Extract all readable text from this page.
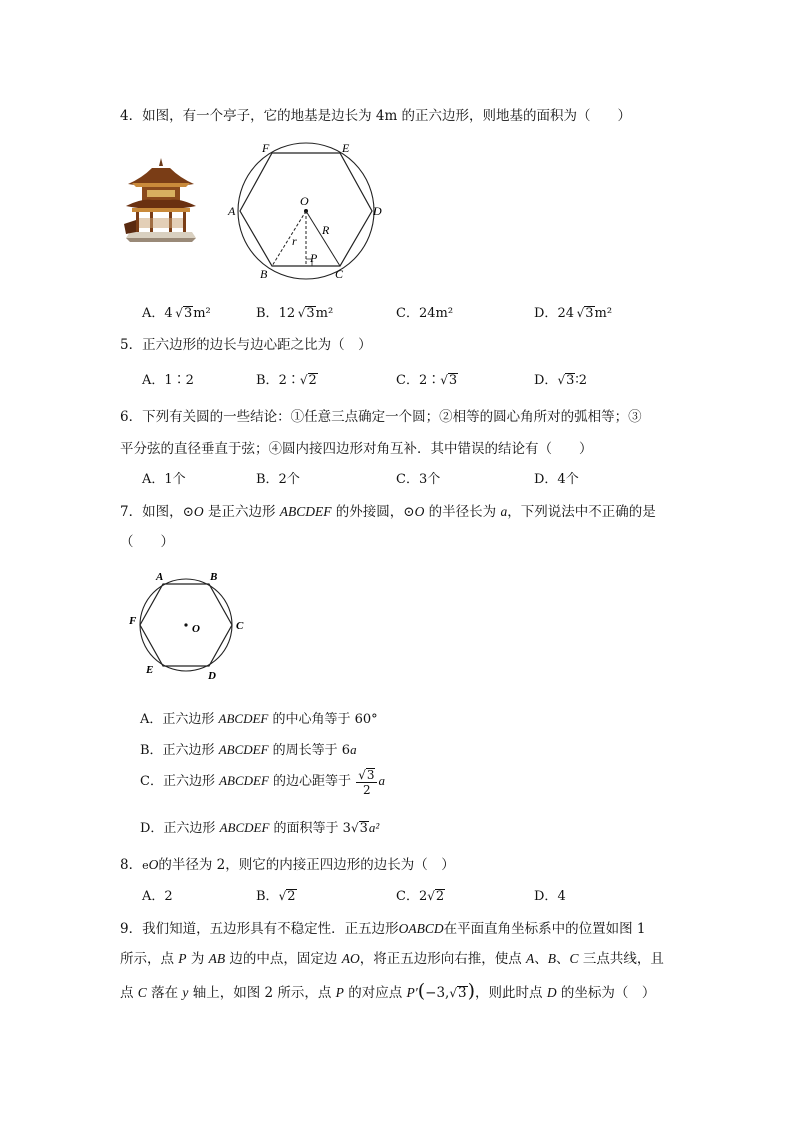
4．如图，有一个亭子，它的地基是边长为 4m 的正六边形，则地基的面积为（　　）
F	E
A	D
O
B	C
R
r
P
A．4  √3m²	B．12  √3m²	C．24m²	D．24  √3m²
5．正六边形的边长与边心距之比为（　）
A．1∶2	B．2∶√2	C．2∶√3	D．√3∶2
6．下列有关圆的一些结论：①任意三点确定一个圆；②相等的圆心角所对的弧相等；③
平分弦的直径垂直于弦；④圆内接四边形对角互补．其中错误的结论有（　　）
A．1个	B．2个	C．3个	D．4个
7．如图，⊙O 是正六边形 ABCDEF 的外接圆，⊙O 的半径长为 a，下列说法中不正确的是
（　　）
A	B
C
D
E
F
O
A．正六边形 ABCDEF 的中心角等于 60°
B．正六边形 ABCDEF 的周长等于 6a
C．正六边形 ABCDEF 的边心距等于 $\frac{√3}{2}$ a
D．正六边形 ABCDEF 的面积等于 3√3a²
8．eO的半径为 2，则它的内接正四边形的边长为（　）
A．2	B．√2	C．2√2	D．4
9．我们知道，五边形具有不稳定性．正五边形OABCD在平面直角坐标系中的位置如图 1
所示，点 P 为 AB 边的中点，固定边 AO，将正五边形向右推，使点 A、B、C 三点共线，且
点 C 落在 y 轴上，如图 2 所示，点 P 的对应点 P′(−3,√3)，则此时点 D 的坐标为（　）
